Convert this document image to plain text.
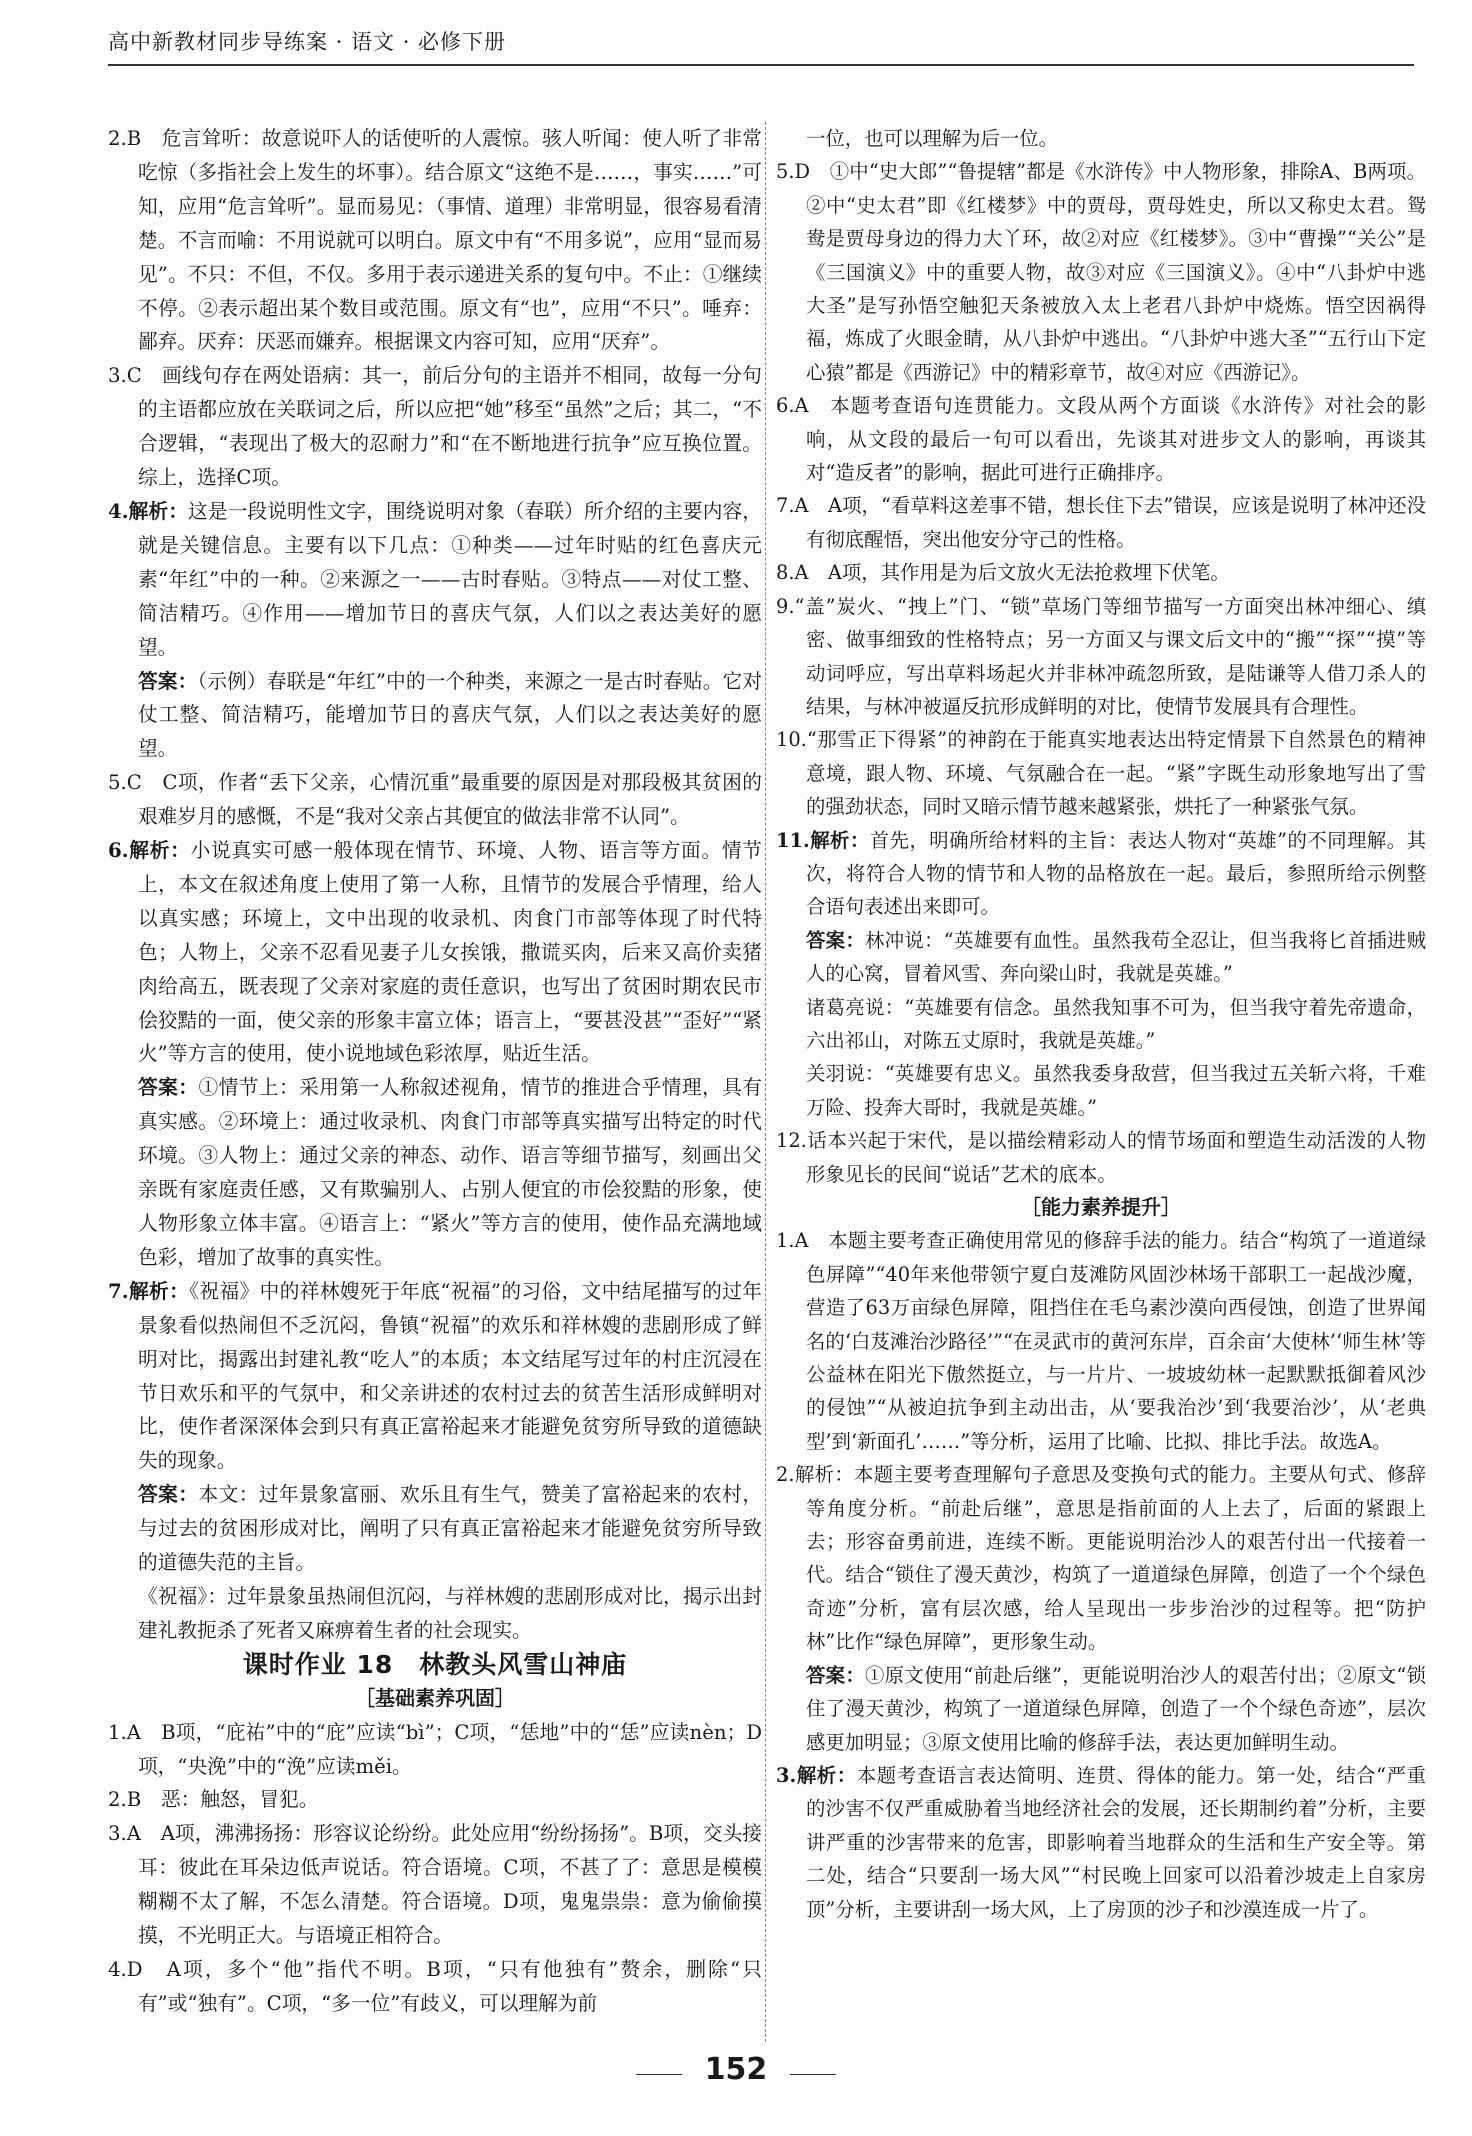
高中新教材同步导练案 · 语文 · 必修下册

2.B　危言耸听：故意说吓人的话使听的人震惊。骇人听闻：使人听了非常吃惊（多指社会上发生的坏事）。结合原文“这绝不是……，事实……”可知，应用“危言耸听”。显而易见：（事情、道理）非常明显，很容易看清楚。不言而喻：不用说就可以明白。原文中有“不用多说”，应用“显而易见”。不只：不但，不仅。多用于表示递进关系的复句中。不止：①继续不停。②表示超出某个数目或范围。原文有“也”，应用“不只”。唾弃：鄙弃。厌弃：厌恶而嫌弃。根据课文内容可知，应用“厌弃”。

3.C　画线句存在两处语病：其一，前后分句的主语并不相同，故每一分句的主语都应放在关联词之后，所以应把“她”移至“虽然”之后；其二，“不合逻辑，“表现出了极大的忍耐力”和“在不断地进行抗争”应互换位置。综上，选择C项。

4.解析：这是一段说明性文字，围绕说明对象（春联）所介绍的主要内容，就是关键信息。主要有以下几点：①种类——过年时贴的红色喜庆元素“年红”中的一种。②来源之一——古时春贴。③特点——对仗工整、简洁精巧。④作用——增加节日的喜庆气氛，人们以之表达美好的愿望。

答案：（示例）春联是“年红”中的一个种类，来源之一是古时春贴。它对仗工整、简洁精巧，能增加节日的喜庆气氛，人们以之表达美好的愿望。

5.C　C项，作者“丢下父亲，心情沉重”最重要的原因是对那段极其贫困的艰难岁月的感慨，不是“我对父亲占其便宜的做法非常不认同”。

6.解析：小说真实可感一般体现在情节、环境、人物、语言等方面。情节上，本文在叙述角度上使用了第一人称，且情节的发展合乎情理，给人以真实感；环境上，文中出现的收录机、肉食门市部等体现了时代特色；人物上，父亲不忍看见妻子儿女挨饿，撒谎买肉，后来又高价卖猪肉给高五，既表现了父亲对家庭的责任意识，也写出了贫困时期农民市侩狡黠的一面，使父亲的形象丰富立体；语言上，“要甚没甚”“歪好”“紧火”等方言的使用，使小说地域色彩浓厚，贴近生活。

答案：①情节上：采用第一人称叙述视角，情节的推进合乎情理，具有真实感。②环境上：通过收录机、肉食门市部等真实描写出特定的时代环境。③人物上：通过父亲的神态、动作、语言等细节描写，刻画出父亲既有家庭责任感，又有欺骗别人、占别人便宜的市侩狡黠的形象，使人物形象立体丰富。④语言上：“紧火”等方言的使用，使作品充满地域色彩，增加了故事的真实性。

7.解析：《祝福》中的祥林嫂死于年底“祝福”的习俗，文中结尾描写的过年景象看似热闹但不乏沉闷，鲁镇“祝福”的欢乐和祥林嫂的悲剧形成了鲜明对比，揭露出封建礼教“吃人”的本质；本文结尾写过年的村庄沉浸在节日欢乐和平的气氛中，和父亲讲述的农村过去的贫苦生活形成鲜明对比，使作者深深体会到只有真正富裕起来才能避免贫穷所导致的道德缺失的现象。

答案：本文：过年景象富丽、欢乐且有生气，赞美了富裕起来的农村，与过去的贫困形成对比，阐明了只有真正富裕起来才能避免贫穷所导致的道德失范的主旨。

《祝福》：过年景象虽热闹但沉闷，与祥林嫂的悲剧形成对比，揭示出封建礼教扼杀了死者又麻痹着生者的社会现实。

课时作业 18　林教头风雪山神庙

［基础素养巩固］

1.A　B项，“庇祐”中的“庇”应读“bì”；C项，“恁地”中的“恁”应读nèn；D项，“央浼”中的“浼”应读měi。

2.B　恶：触怒，冒犯。

3.A　A项，沸沸扬扬：形容议论纷纷。此处应用“纷纷扬扬”。B项，交头接耳：彼此在耳朵边低声说话。符合语境。C项，不甚了了：意思是模模糊糊不太了解，不怎么清楚。符合语境。D项，鬼鬼祟祟：意为偷偷摸摸，不光明正大。与语境正相符合。

4.D　A项，多个“他”指代不明。B项，“只有他独有”赘余，删除“只有”或“独有”。C项，“多一位”有歧义，可以理解为前

一位，也可以理解为后一位。

5.D　①中“史大郎”“鲁提辖”都是《水浒传》中人物形象，排除A、B两项。②中“史太君”即《红楼梦》中的贾母，贾母姓史，所以又称史太君。鸳鸯是贾母身边的得力大丫环，故②对应《红楼梦》。③中“曹操”“关公”是《三国演义》中的重要人物，故③对应《三国演义》。④中“八卦炉中逃大圣”是写孙悟空触犯天条被放入太上老君八卦炉中烧炼。悟空因祸得福，炼成了火眼金睛，从八卦炉中逃出。“八卦炉中逃大圣”“五行山下定心猿”都是《西游记》中的精彩章节，故④对应《西游记》。

6.A　本题考查语句连贯能力。文段从两个方面谈《水浒传》对社会的影响，从文段的最后一句可以看出，先谈其对进步文人的影响，再谈其对“造反者”的影响，据此可进行正确排序。

7.A　A项，“看草料这差事不错，想长住下去”错误，应该是说明了林冲还没有彻底醒悟，突出他安分守己的性格。

8.A　A项，其作用是为后文放火无法抢救埋下伏笔。

9.“盖”炭火、“拽上”门、“锁”草场门等细节描写一方面突出林冲细心、缜密、做事细致的性格特点；另一方面又与课文后文中的“搬”“探”“摸”等动词呼应，写出草料场起火并非林冲疏忽所致，是陆谦等人借刀杀人的结果，与林冲被逼反抗形成鲜明的对比，使情节发展具有合理性。

10.“那雪正下得紧”的神韵在于能真实地表达出特定情景下自然景色的精神意境，跟人物、环境、气氛融合在一起。“紧”字既生动形象地写出了雪的强劲状态，同时又暗示情节越来越紧张，烘托了一种紧张气氛。

11.解析：首先，明确所给材料的主旨：表达人物对“英雄”的不同理解。其次，将符合人物的情节和人物的品格放在一起。最后，参照所给示例整合语句表述出来即可。

答案：林冲说：“英雄要有血性。虽然我苟全忍让，但当我将匕首插进贼人的心窝，冒着风雪、奔向梁山时，我就是英雄。”

诸葛亮说：“英雄要有信念。虽然我知事不可为，但当我守着先帝遗命，六出祁山，对陈五丈原时，我就是英雄。”

关羽说：“英雄要有忠义。虽然我委身敌营，但当我过五关斩六将，千难万险、投奔大哥时，我就是英雄。”

12.话本兴起于宋代，是以描绘精彩动人的情节场面和塑造生动活泼的人物形象见长的民间“说话”艺术的底本。

［能力素养提升］

1.A　本题主要考查正确使用常见的修辞手法的能力。结合“构筑了一道道绿色屏障”“40年来他带领宁夏白芨滩防风固沙林场干部职工一起战沙魔，营造了63万亩绿色屏障，阻挡住在毛乌素沙漠向西侵蚀，创造了世界闻名的‘白芨滩治沙路径’”“在灵武市的黄河东岸，百余亩‘大使林’‘师生林’等公益林在阳光下傲然挺立，与一片片、一坡坡幼林一起默默抵御着风沙的侵蚀”“从被迫抗争到主动出击，从‘要我治沙’到‘我要治沙’，从‘老典型’到‘新面孔’……”等分析，运用了比喻、比拟、排比手法。故选A。

2.解析：本题主要考查理解句子意思及变换句式的能力。主要从句式、修辞等角度分析。“前赴后继”，意思是指前面的人上去了，后面的紧跟上去；形容奋勇前进，连续不断。更能说明治沙人的艰苦付出一代接着一代。结合“锁住了漫天黄沙，构筑了一道道绿色屏障，创造了一个个绿色奇迹”分析，富有层次感，给人呈现出一步步治沙的过程等。把“防护林”比作“绿色屏障”，更形象生动。

答案：①原文使用“前赴后继”，更能说明治沙人的艰苦付出；②原文“锁住了漫天黄沙，构筑了一道道绿色屏障，创造了一个个绿色奇迹”，层次感更加明显；③原文使用比喻的修辞手法，表达更加鲜明生动。

3.解析：本题考查语言表达简明、连贯、得体的能力。第一处，结合“严重的沙害不仅严重威胁着当地经济社会的发展，还长期制约着”分析，主要讲严重的沙害带来的危害，即影响着当地群众的生活和生产安全等。第二处，结合“只要刮一场大风”“村民晚上回家可以沿着沙坡走上自家房顶”分析，主要讲刮一场大风，上了房顶的沙子和沙漠连成一片了。

152
